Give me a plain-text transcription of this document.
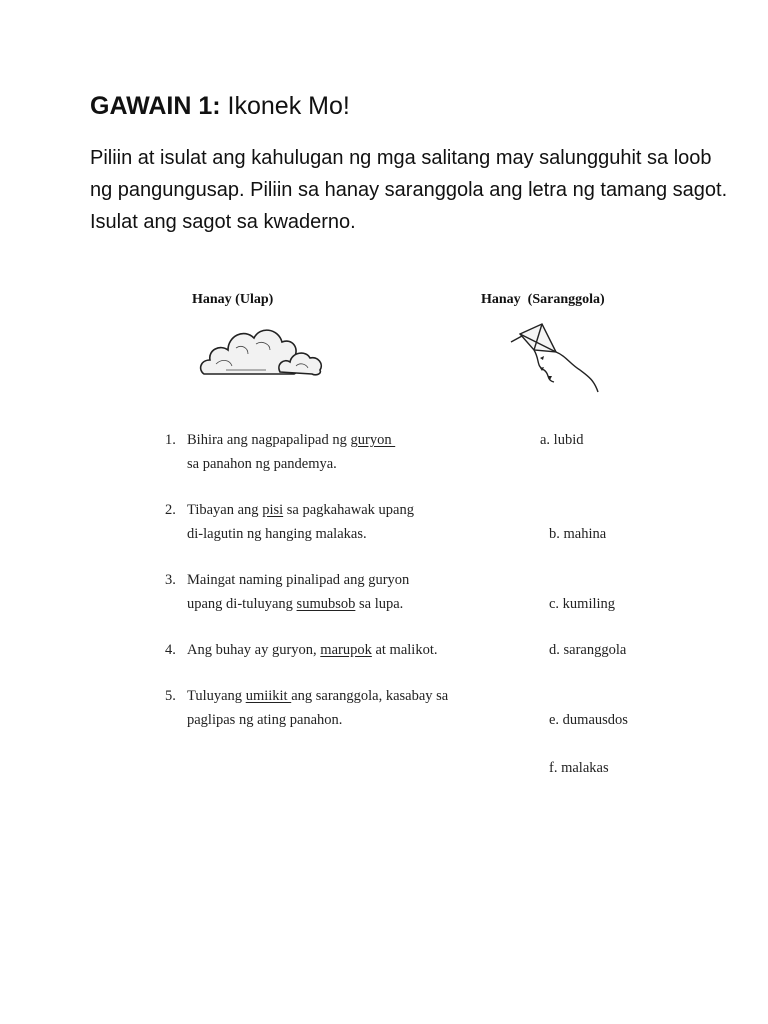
GAWAIN 1: Ikonek Mo!

Piliin at isulat ang kahulugan ng mga salitang may salungguhit sa loob ng pangungusap. Piliin sa hanay saranggola ang letra ng tamang sagot. Isulat ang sagot sa kwaderno.

Hanay (Ulap)	Hanay  (Saranggola)
1. Bihira ang nagpapalipad ng guryon
sa panahon ng pandemya.
2. Tibayan ang pisi sa pagkahawak upang
di-lagutin ng hanging malakas.
3. Maingat naming pinalipad ang guryon
upang di-tuluyang sumubsob sa lupa.
4. Ang buhay ay guryon, marupok at malikot.
5. Tuluyang umiikit ang saranggola, kasabay sa
paglipas ng ating panahon.
a. lubid
b. mahina
c. kumiling
d. saranggola
e. dumausdos
f. malakas
